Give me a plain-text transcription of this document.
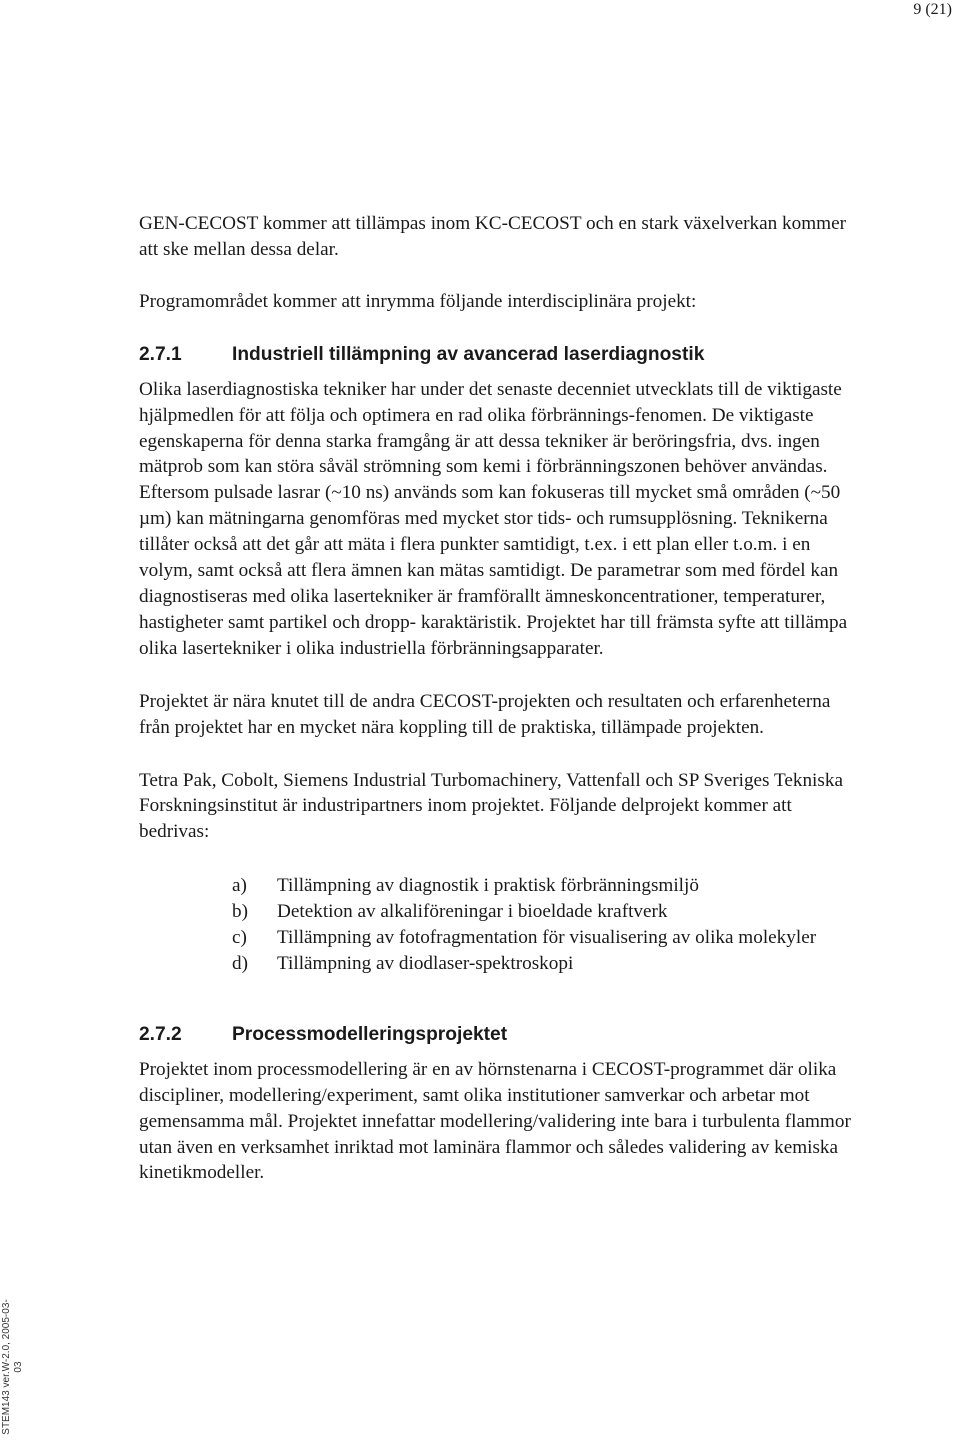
9 (21)

GEN-CECOST kommer att tillämpas inom KC-CECOST och en stark växelverkan kommer att ske mellan dessa delar.

Programområdet kommer att inrymma följande interdisciplinära projekt:

2.7.1	Industriell tillämpning av avancerad laserdiagnostik

Olika laserdiagnostiska tekniker har under det senaste decenniet utvecklats till de viktigaste hjälpmedlen för att följa och optimera en rad olika förbrännings-fenomen. De viktigaste egenskaperna för denna starka framgång är att dessa tekniker är beröringsfria, dvs. ingen mätprob som kan störa såväl strömning som kemi i förbränningszonen behöver användas. Eftersom pulsade lasrar (~10 ns) används som kan fokuseras till mycket små områden (~50 µm) kan mätningarna genomföras med mycket stor tids- och rumsupplösning. Teknikerna tillåter också att det går att mäta i flera punkter samtidigt, t.ex. i ett plan eller t.o.m. i en volym, samt också att flera ämnen kan mätas samtidigt. De parametrar som med fördel kan diagnostiseras med olika lasertekniker är framförallt ämneskoncentrationer, temperaturer, hastigheter samt partikel och dropp- karaktäristik. Projektet har till främsta syfte att tillämpa olika lasertekniker i olika industriella förbränningsapparater.

Projektet är nära knutet till de andra CECOST-projekten och resultaten och erfarenheterna från projektet har en mycket nära koppling till de praktiska, tillämpade projekten.

Tetra Pak, Cobolt, Siemens Industrial Turbomachinery, Vattenfall och SP Sveriges Tekniska Forskningsinstitut är industripartners inom projektet. Följande delprojekt kommer att bedrivas:

a)	Tillämpning av diagnostik i praktisk förbränningsmiljö
b)	Detektion av alkaliföreningar i bioeldade kraftverk
c)	Tillämpning av fotofragmentation för visualisering av olika molekyler
d)	Tillämpning av diodlaser-spektroskopi
2.7.2	Processmodelleringsprojektet

Projektet inom processmodellering är en av hörnstenarna i CECOST-programmet där olika discipliner, modellering/experiment, samt olika institutioner samverkar och arbetar mot gemensamma mål. Projektet innefattar modellering/validering inte bara i turbulenta flammor utan även en verksamhet inriktad mot laminära flammor och således validering av kemiska kinetikmodeller.

STEM143 ver.W-2.0, 2005-03-03
